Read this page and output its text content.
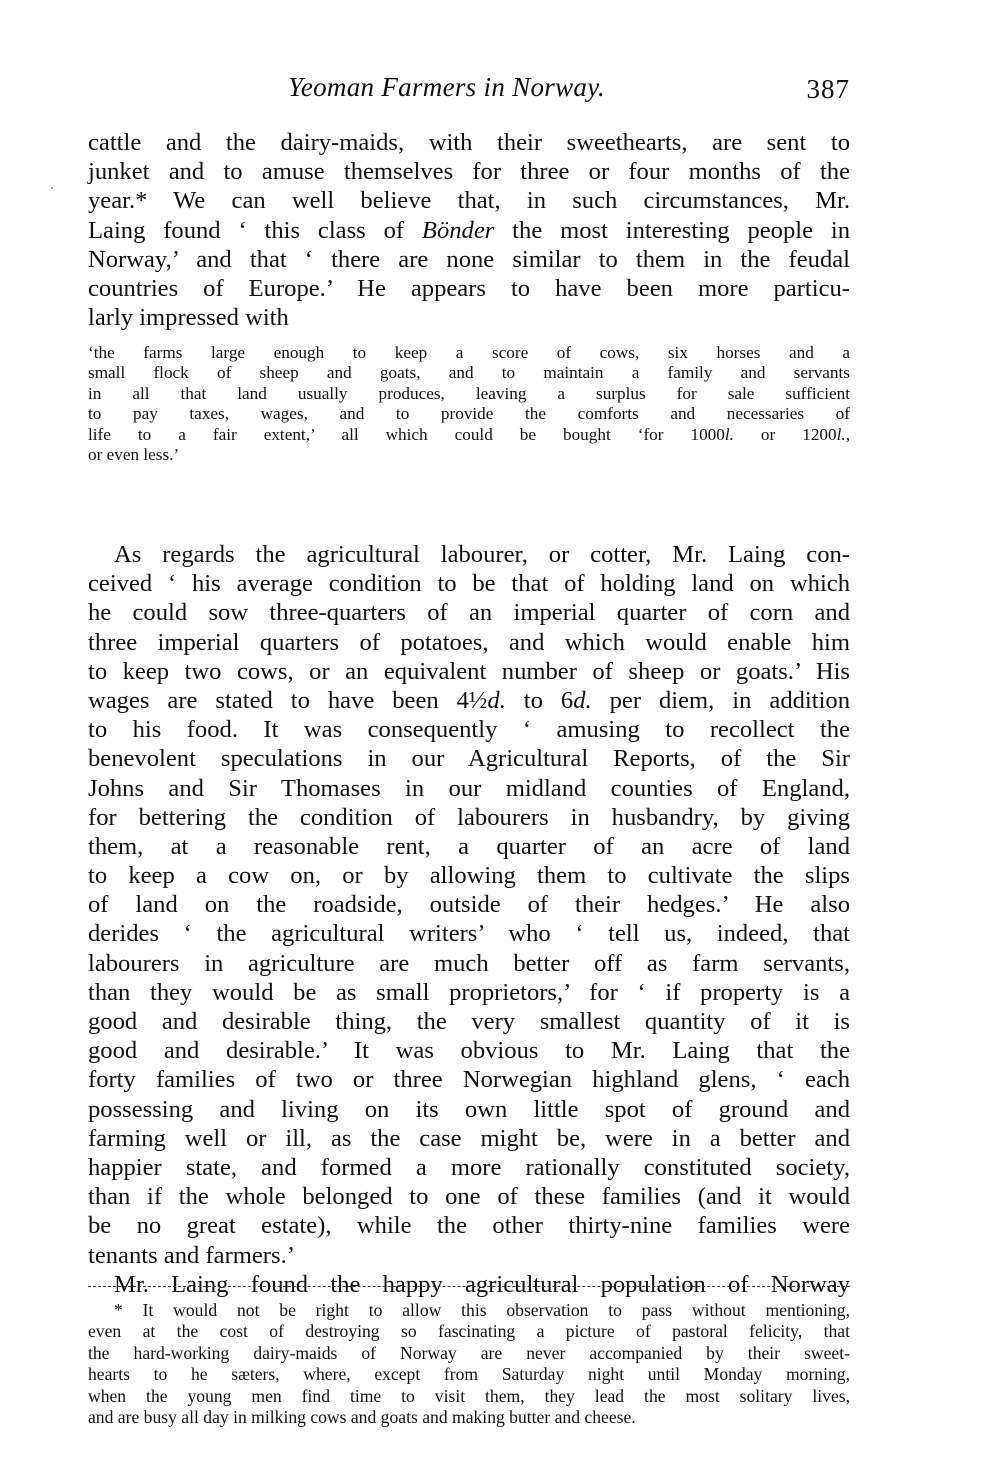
Yeoman Farmers in Norway.	387
cattle and the dairy-maids, with their sweethearts, are sent to
junket and to amuse themselves for three or four months of the
year.* We can well believe that, in such circumstances, Mr.
Laing found ‘ this class of Bönder the most interesting people in
Norway,’ and that ‘ there are none similar to them in the feudal
countries of Europe.’ He appears to have been more particu-
larly impressed with
‘the farms large enough to keep a score of cows, six horses and a
small flock of sheep and goats, and to maintain a family and servants
in all that land usually produces, leaving a surplus for sale sufficient
to pay taxes, wages, and to provide the comforts and necessaries of
life to a fair extent,’ all which could be bought ‘for 1000l. or 1200l.,
or even less.’
As regards the agricultural labourer, or cotter, Mr. Laing con-
ceived ‘ his average condition to be that of holding land on which
he could sow three-quarters of an imperial quarter of corn and
three imperial quarters of potatoes, and which would enable him
to keep two cows, or an equivalent number of sheep or goats.’ His
wages are stated to have been 4½d. to 6d. per diem, in addition
to his food. It was consequently ‘ amusing to recollect the
benevolent speculations in our Agricultural Reports, of the Sir
Johns and Sir Thomases in our midland counties of England,
for bettering the condition of labourers in husbandry, by giving
them, at a reasonable rent, a quarter of an acre of land
to keep a cow on, or by allowing them to cultivate the slips
of land on the roadside, outside of their hedges.’ He also
derides ‘ the agricultural writers’ who ‘ tell us, indeed, that
labourers in agriculture are much better off as farm servants,
than they would be as small proprietors,’ for ‘ if property is a
good and desirable thing, the very smallest quantity of it is
good and desirable.’ It was obvious to Mr. Laing that the
forty families of two or three Norwegian highland glens, ‘ each
possessing and living on its own little spot of ground and
farming well or ill, as the case might be, were in a better and
happier state, and formed a more rationally constituted society,
than if the whole belonged to one of these families (and it would
be no great estate), while the other thirty-nine families were
tenants and farmers.’
Mr. Laing found the happy agricultural population of Norway
* It would not be right to allow this observation to pass without mentioning,
even at the cost of destroying so fascinating a picture of pastoral felicity, that
the hard-working dairy-maids of Norway are never accompanied by their sweet-
hearts to he sæters, where, except from Saturday night until Monday morning,
when the young men find time to visit them, they lead the most solitary lives,
and are busy all day in milking cows and goats and making butter and cheese.
